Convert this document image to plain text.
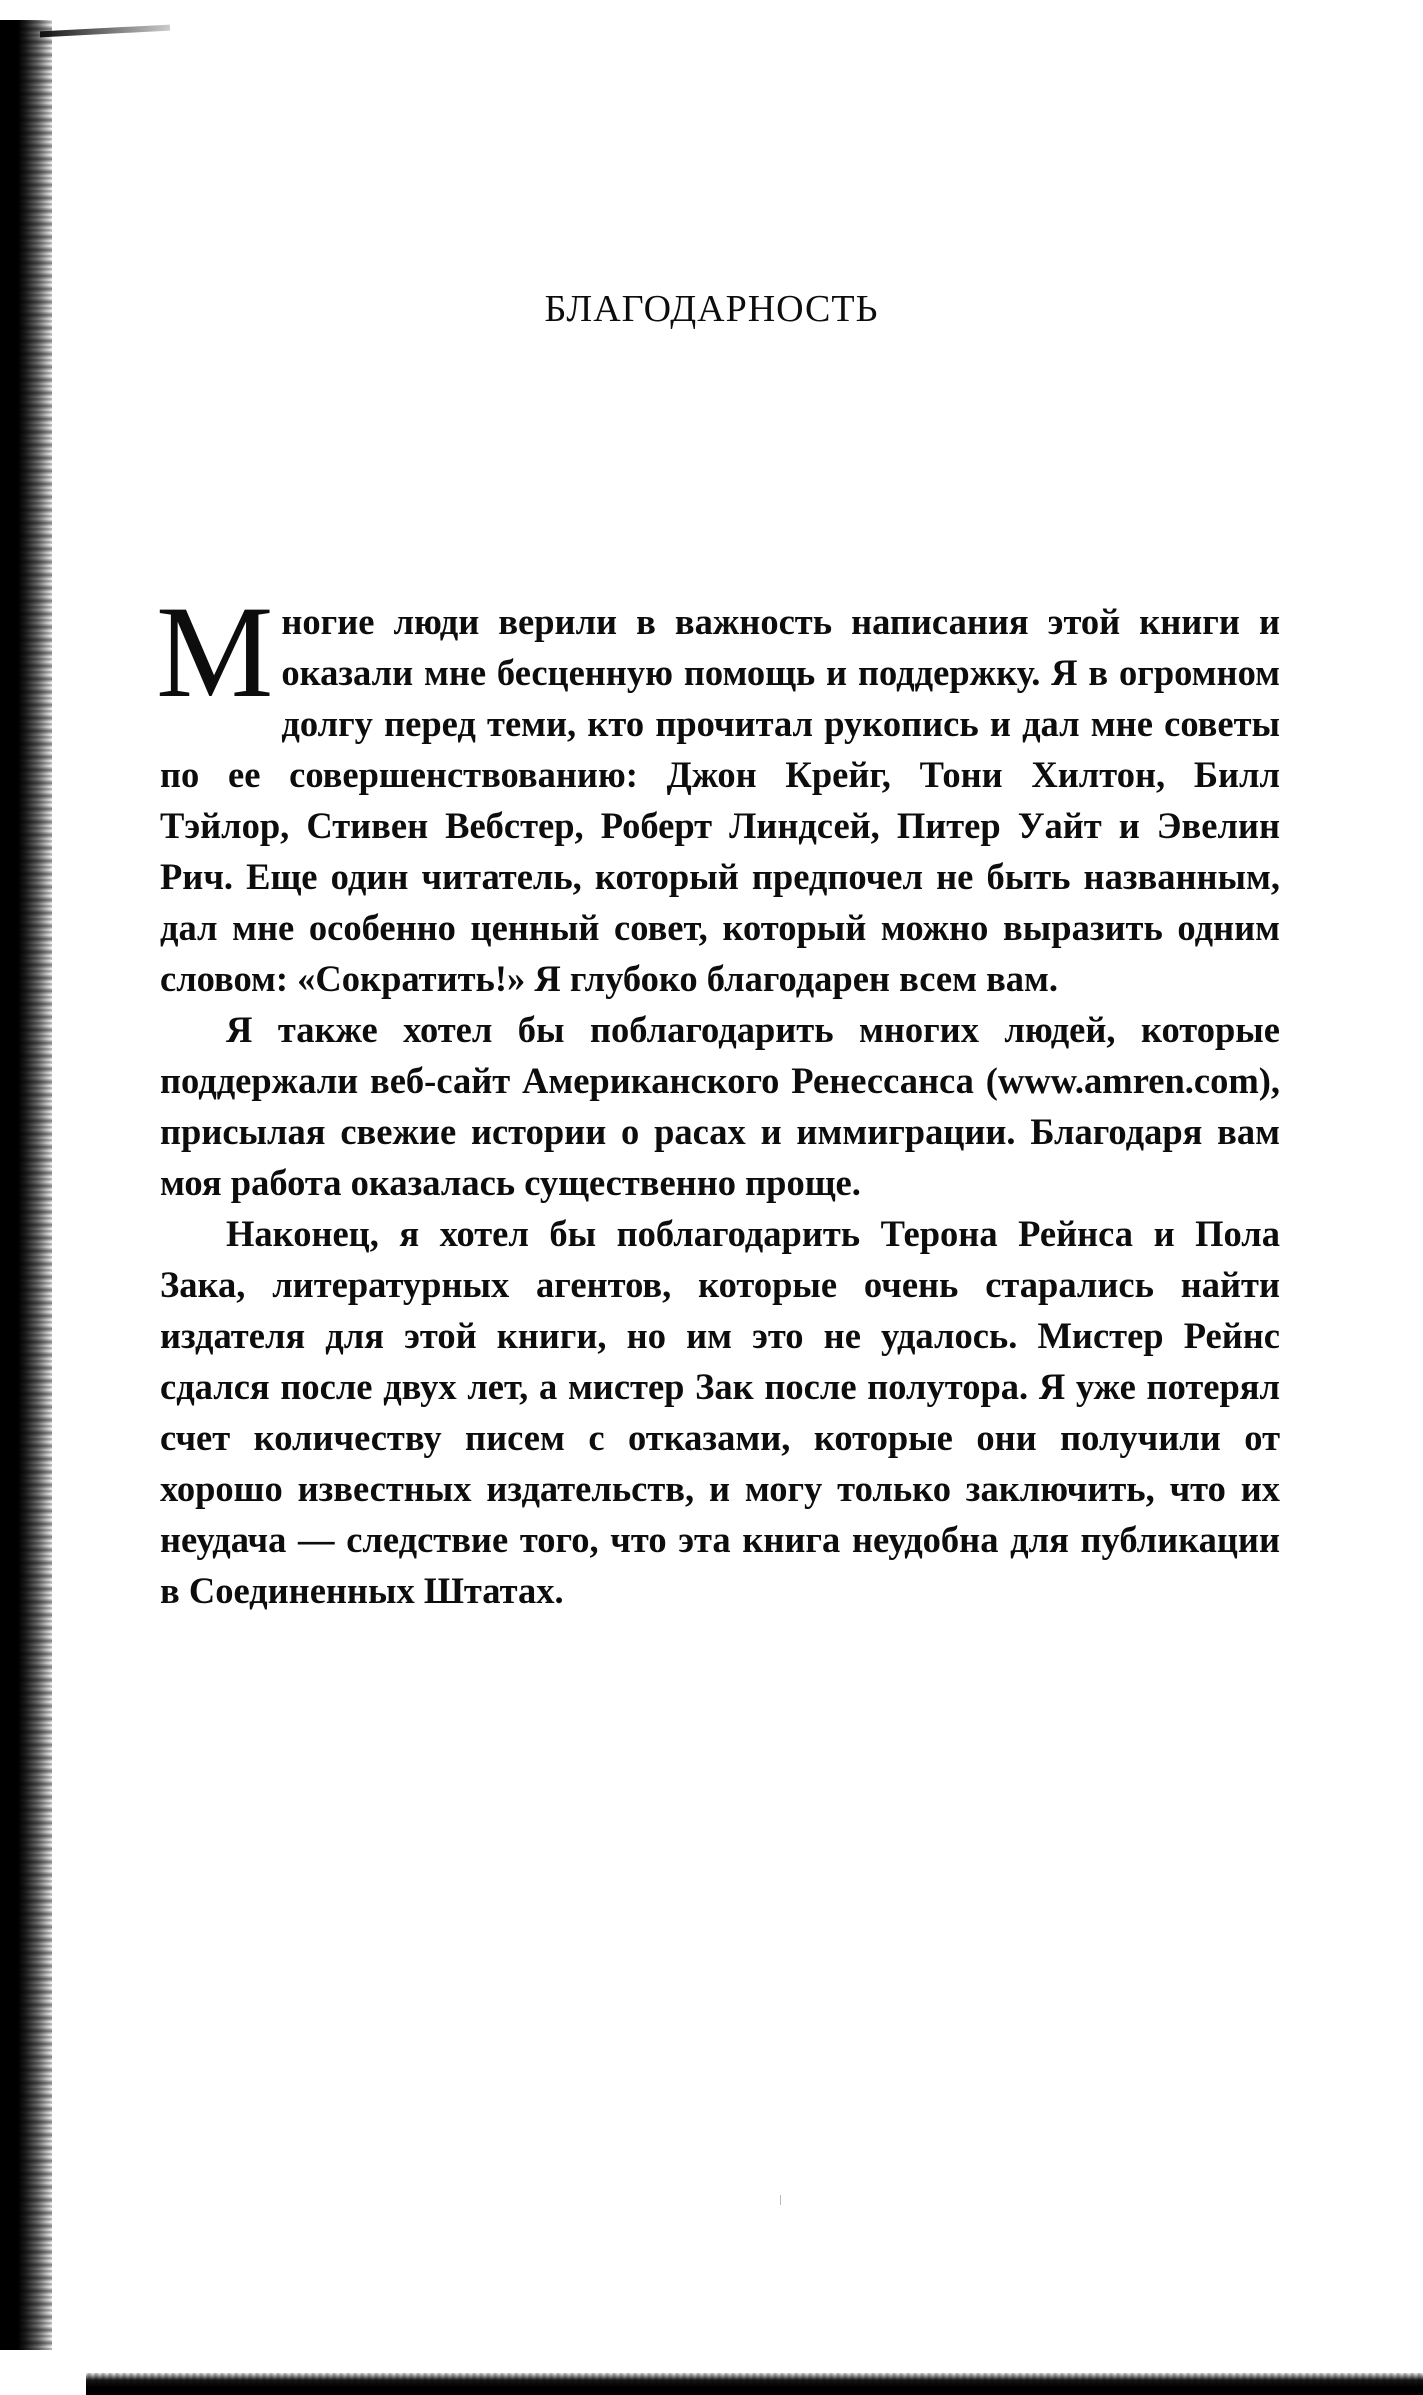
БЛАГОДАРНОСТЬ

Многие люди верили в важность написания этой книги и оказали мне бесценную помощь и поддержку. Я в огромном долгу перед теми, кто прочитал рукопись и дал мне советы по ее совершенствованию: Джон Крейг, Тони Хилтон, Билл Тэйлор, Стивен Вебстер, Роберт Линдсей, Питер Уайт и Эвелин Рич. Еще один читатель, который предпочел не быть названным, дал мне особенно ценный совет, который можно выразить одним словом: «Сократить!» Я глубоко благодарен всем вам.

Я также хотел бы поблагодарить многих людей, которые поддержали веб-сайт Американского Ренессанса (www.amren.com), присылая свежие истории о расах и иммиграции. Благодаря вам моя работа оказалась существенно проще.

Наконец, я хотел бы поблагодарить Терона Рейнса и Пола Зака, литературных агентов, которые очень старались найти издателя для этой книги, но им это не удалось. Мистер Рейнс сдался после двух лет, а мистер Зак после полутора. Я уже потерял счет количеству писем с отказами, которые они получили от хорошо известных издательств, и могу только заключить, что их неудача — следствие того, что эта книга неудобна для публикации в Соединенных Штатах.
